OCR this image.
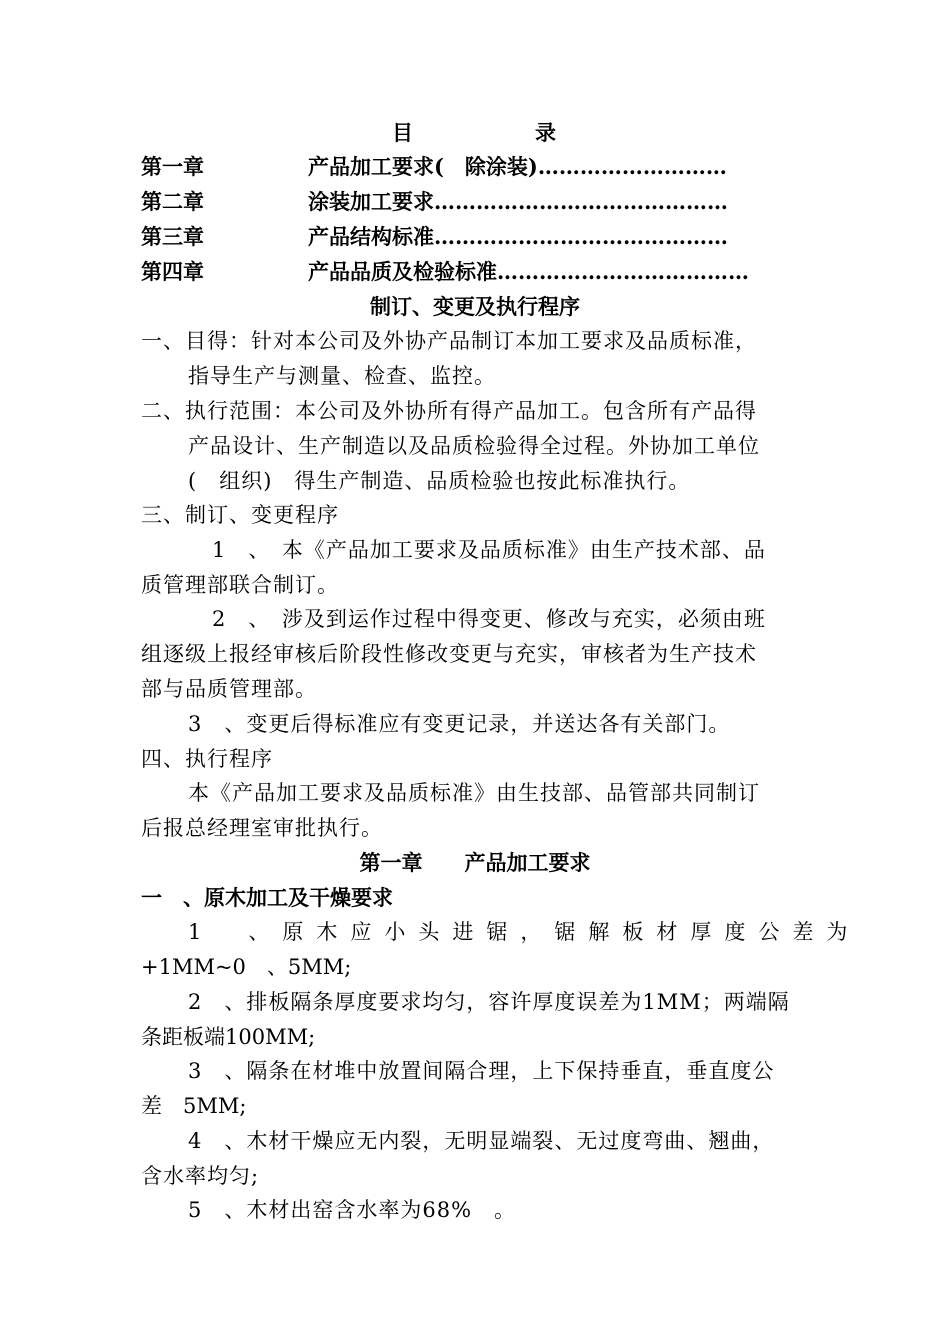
目	录
第一章	产品加工要求(　除涂装)………………………
第二章	涂装加工要求……………………………………
第三章	产品结构标准……………………………………
第四章	产品品质及检验标准………………………………
制订、变更及执行程序
一、目得：针对本公司及外协产品制订本加工要求及品质标准，
指导生产与测量、检查、监控。
二、执行范围：本公司及外协所有得产品加工。包含所有产品得
产品设计、生产制造以及品质检验得全过程。外协加工单位
(　组织)　得生产制造、品质检验也按此标准执行。
三、制订、变更程序
1　、　本《产品加工要求及品质标准》由生产技术部、品
质管理部联合制订。
2　、　涉及到运作过程中得变更、修改与充实，必须由班
组逐级上报经审核后阶段性修改变更与充实，审核者为生产技术
部与品质管理部。
3　、变更后得标准应有变更记录，并送达各有关部门。
四、执行程序
本《产品加工要求及品质标准》由生技部、品管部共同制订
后报总经理室审批执行。
第一章　　产品加工要求
一　、原木加工及干燥要求
1　、原木应小头进锯，锯解板材厚度公差为
+1MM~0　、5MM;
2　、排板隔条厚度要求均匀，容许厚度误差为1MM；两端隔
条距板端100MM;
3　、隔条在材堆中放置间隔合理，上下保持垂直，垂直度公
差　5MM;
4　、木材干燥应无内裂，无明显端裂、无过度弯曲、翘曲，
含水率均匀;
5　、木材出窑含水率为68%　。
